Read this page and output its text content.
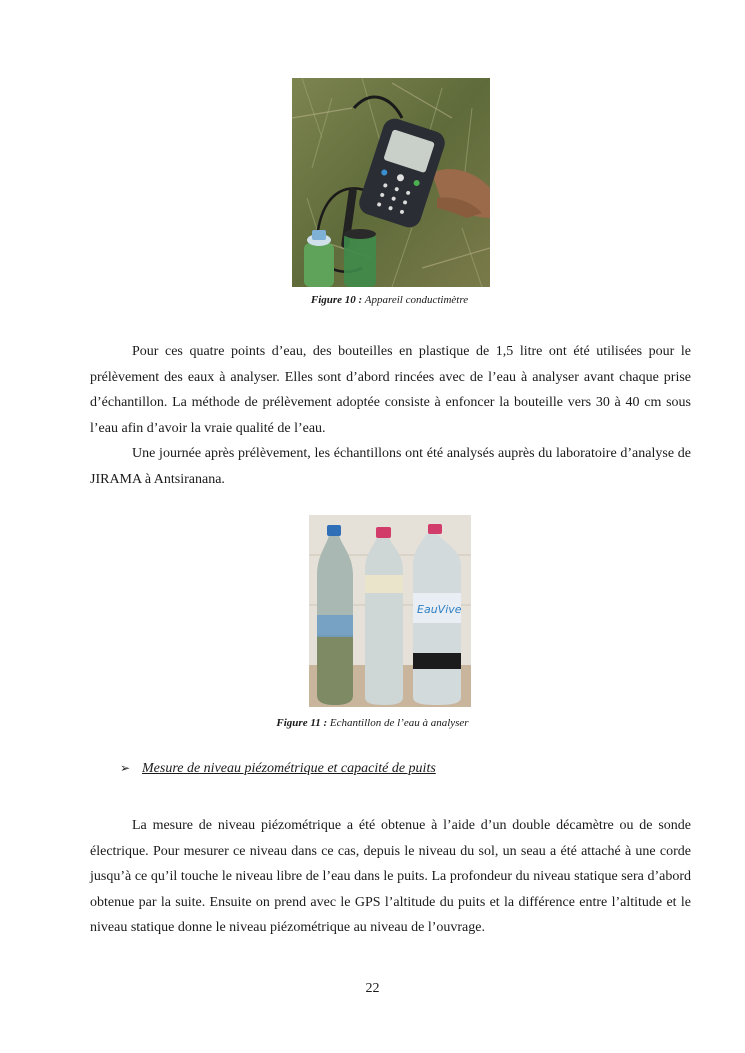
Figure 10 : Appareil conductimètre

Pour ces quatre points d’eau, des bouteilles en plastique de 1,5 litre ont été utilisées pour le prélèvement des eaux à analyser. Elles sont d’abord rincées avec de l’eau à analyser avant chaque prise d’échantillon. La méthode de prélèvement adoptée consiste à enfoncer la bouteille vers 30 à 40 cm sous l’eau afin d’avoir la vraie qualité de l’eau.

Une journée après prélèvement, les échantillons ont été analysés auprès du laboratoire d’analyse de JIRAMA à Antsiranana.

EauVive
Figure 11 : Echantillon de l’eau à analyser
➢ Mesure de niveau piézométrique et capacité de puits

La mesure de niveau piézométrique a été obtenue à l’aide d’un double décamètre ou de sonde électrique. Pour mesurer ce niveau dans ce cas, depuis le niveau du sol, un seau a été attaché à une corde jusqu’à ce qu’il touche le niveau libre de l’eau dans le puits. La profondeur du niveau statique sera d’abord obtenue par la suite. Ensuite on prend avec le GPS l’altitude du puits et la différence entre l’altitude et le niveau statique donne le niveau piézométrique au niveau de l’ouvrage.

22
